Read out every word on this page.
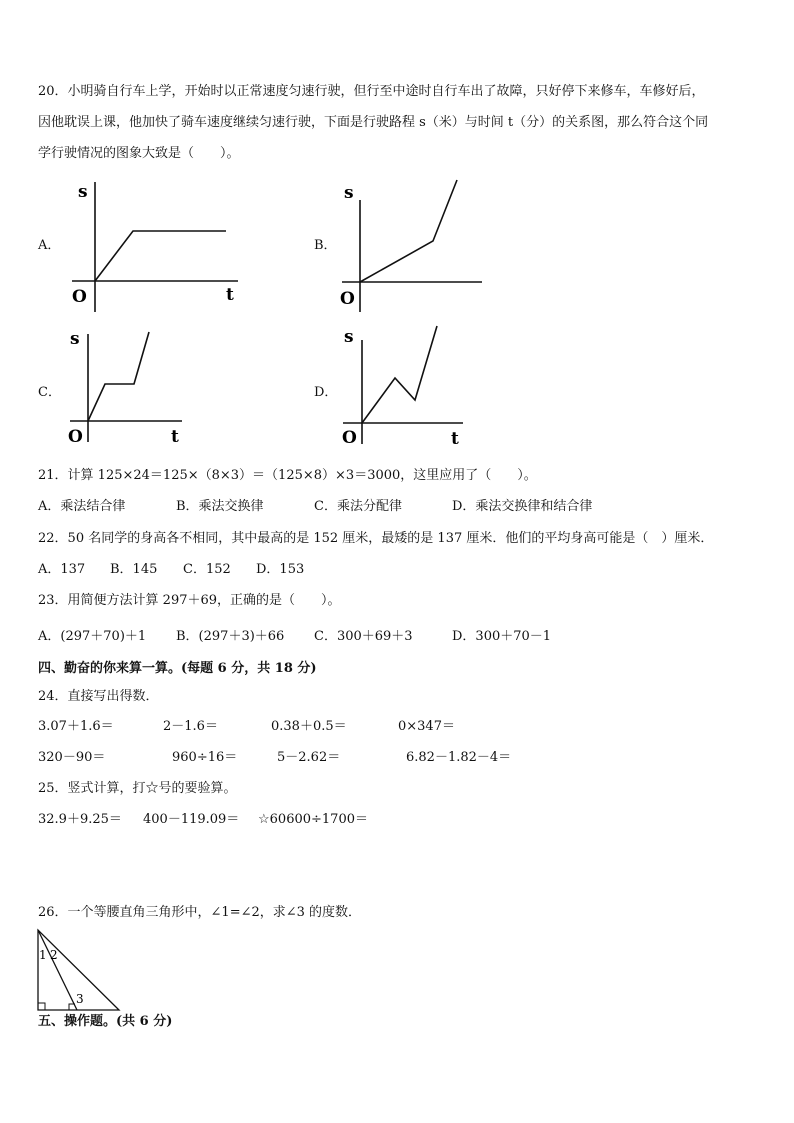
20．小明骑自行车上学，开始时以正常速度匀速行驶，但行至中途时自行车出了故障，只好停下来修车，车修好后，
因他耽误上课，他加快了骑车速度继续匀速行驶，下面是行驶路程 s（米）与时间 t（分）的关系图，那么符合这个同
学行驶情况的图象大致是（　　）。
A．
s
O	t
B．
s
O
C．
s
O	t
D．
s
O	t
21．计算 125×24＝125×（8×3）＝（125×8）×3＝3000，这里应用了（　　）。
A．乘法结合律	B．乘法交换律	C．乘法分配律	D．乘法交换律和结合律
22．50 名同学的身高各不相同，其中最高的是 152 厘米，最矮的是 137 厘米．他们的平均身高可能是（　）厘米．
A．137 B．145 C．152 D．153
23．用简便方法计算 297＋69，正确的是（　　）。
A．(297＋70)＋1 B．(297＋3)＋66 C．300＋69＋3	D．300＋70－1
四、勤奋的你来算一算。(每题 6 分，共 18 分)
24．直接写出得数．
3.07＋1.6＝	2－1.6＝	0.38＋0.5＝	0×347＝
320－90＝	960÷16＝	5－2.62＝	6.82－1.82－4＝
25．竖式计算，打☆号的要验算。
32.9＋9.25＝ 400－119.09＝ ☆60600÷1700＝
26．一个等腰直角三角形中，∠1=∠2，求∠3 的度数．
1 2
3
五、操作题。(共 6 分)
